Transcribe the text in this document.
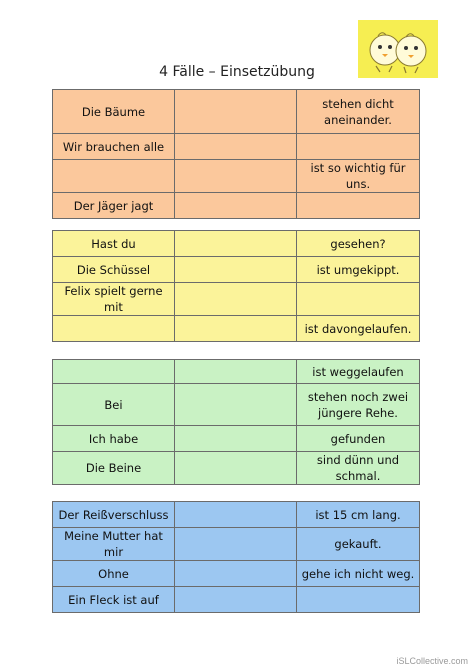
4 Fälle – Einsetzübung
Die Bäume		stehen dicht aneinander.
Wir brauchen alle		
		ist so wichtig für uns.
Der Jäger jagt		
Hast du		gesehen?
Die Schüssel		ist umgekippt.
Felix spielt gerne mit		
		ist davongelaufen.
		ist weggelaufen
Bei		stehen noch zwei jüngere Rehe.
Ich habe		gefunden
Die Beine		sind dünn und schmal.
Der Reißverschluss		ist 15 cm lang.
Meine Mutter hat mir		gekauft.
Ohne		gehe ich nicht weg.
Ein Fleck ist auf		
iSLCollective.com
